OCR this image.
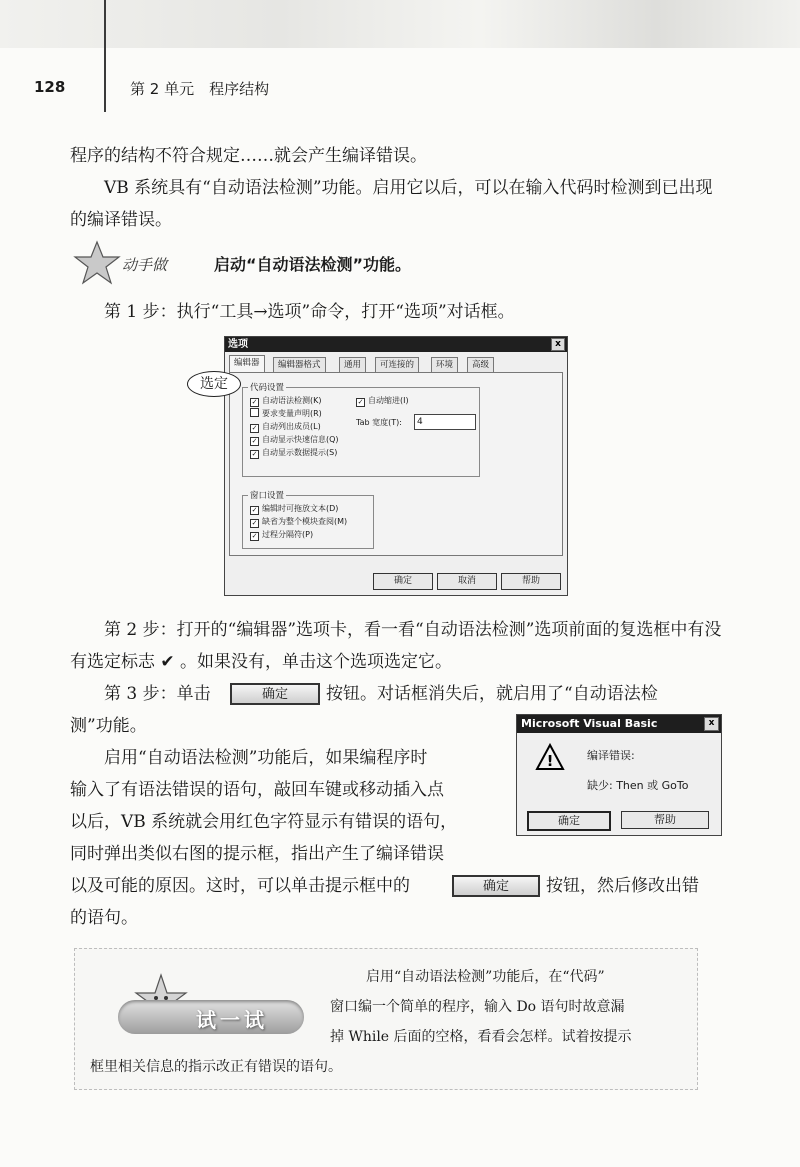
128	第 2 单元　程序结构

程序的结构不符合规定……就会产生编译错误。

VB 系统具有“自动语法检测”功能。启用它以后，可以在输入代码时检测到已出现的编译错误。

动手做	启动“自动语法检测”功能。

第 1 步：执行“工具→选项”命令，打开“选项”对话框。

选项	x
编辑器	编辑器格式	通用	可连接的	环境	高级
代码设置
✓ 自动语法检测(K)
要求变量声明(R)
✓ 自动列出成员(L)
✓ 自动显示快速信息(Q)
✓ 自动显示数据提示(S)
✓ 自动缩进(I)
Tab 宽度(T):	4
窗口设置
✓ 编辑时可拖放文本(D)
✓ 缺省为整个模块查阅(M)
✓ 过程分隔符(P)
确定	取消	帮助
选定

第 2 步：打开的“编辑器”选项卡，看一看“自动语法检测”选项前面的复选框中有没有选定标志 ✔ 。如果没有，单击这个选项选定它。

第 3 步：单击	确定	按钮。对话框消失后，就启用了“自动语法检
测”功能。

启用“自动语法检测”功能后，如果编程序时

输入了有语法错误的语句，敲回车键或移动插入点

以后，VB 系统就会用红色字符显示有错误的语句，

同时弹出类似右图的提示框，指出产生了编译错误

以及可能的原因。这时，可以单击提示框中的	确定	按钮，然后修改出错
的语句。
Microsoft Visual Basic	x
!	编译错误:
缺少: Then 或 GoTo
确定	帮助
试一试
启用“自动语法检测”功能后，在“代码”
窗口编一个简单的程序，输入 Do 语句时故意漏
掉 While 后面的空格，看看会怎样。试着按提示
框里相关信息的指示改正有错误的语句。
